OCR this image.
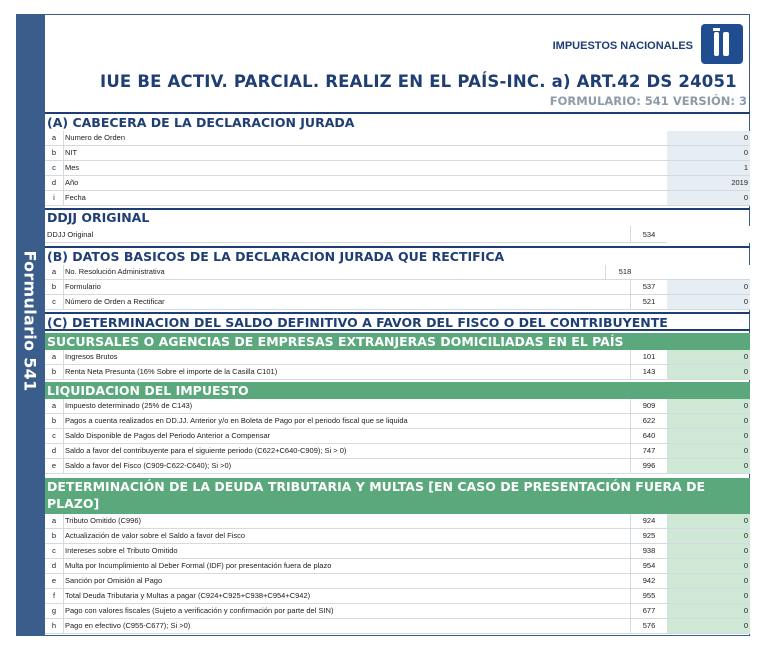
Formulario 541
IMPUESTOS NACIONALES
IUE BE ACTIV. PARCIAL. REALIZ EN EL PAÍS-INC. a) ART.42 DS 24051
FORMULARIO: 541 VERSIÓN: 3
(A) CABECERA DE LA DECLARACION JURADA
a	Numero de Orden	0
b	NIT	0
c	Mes	1
d	Año	2019
i	Fecha	0
DDJJ ORIGINAL
DDJJ Original	534
(B) DATOS BASICOS DE LA DECLARACION JURADA QUE RECTIFICA
a	No. Resolución Administrativa	518
b	Formulario	537	0
c	Número de Orden a Rectificar	521	0
(C) DETERMINACION DEL SALDO DEFINITIVO A FAVOR DEL FISCO O DEL CONTRIBUYENTE
SUCURSALES O AGENCIAS DE EMPRESAS EXTRANJERAS DOMICILIADAS EN EL PAÍS
a	Ingresos Brutos	101	0
b	Renta Neta Presunta (16% Sobre el importe de la Casilla C101)	143	0
LIQUIDACION DEL IMPUESTO
a	Impuesto determinado (25% de C143)	909	0
b	Pagos a cuenta realizados en DD.JJ. Anterior y/o en Boleta de Pago por el periodo fiscal que se liquida	622	0
c	Saldo Disponible de Pagos del Periodo Anterior a Compensar	640	0
d	Saldo a favor del contribuyente para el siguiente periodo (C622+C640-C909); Si > 0)	747	0
e	Saldo a favor del Fisco (C909-C622-C640); Si >0)	996	0
DETERMINACIÓN DE LA DEUDA TRIBUTARIA Y MULTAS [EN CASO DE PRESENTACIÓN FUERA DE PLAZO]
a	Tributo Omitido (C996)	924	0
b	Actualización de valor sobre el Saldo a favor del Fisco	925	0
c	Intereses sobre el Tributo Omitido	938	0
d	Multa por Incumplimiento al Deber Formal (IDF) por presentación fuera de plazo	954	0
e	Sanción por Omisión al Pago	942	0
f	Total Deuda Tributaria y Multas a pagar (C924+C925+C938+C954+C942)	955	0
g	Pago con valores fiscales (Sujeto a verificación y confirmación por parte del SIN)	677	0
h	Pago en efectivo (C955-C677); Si >0)	576	0
